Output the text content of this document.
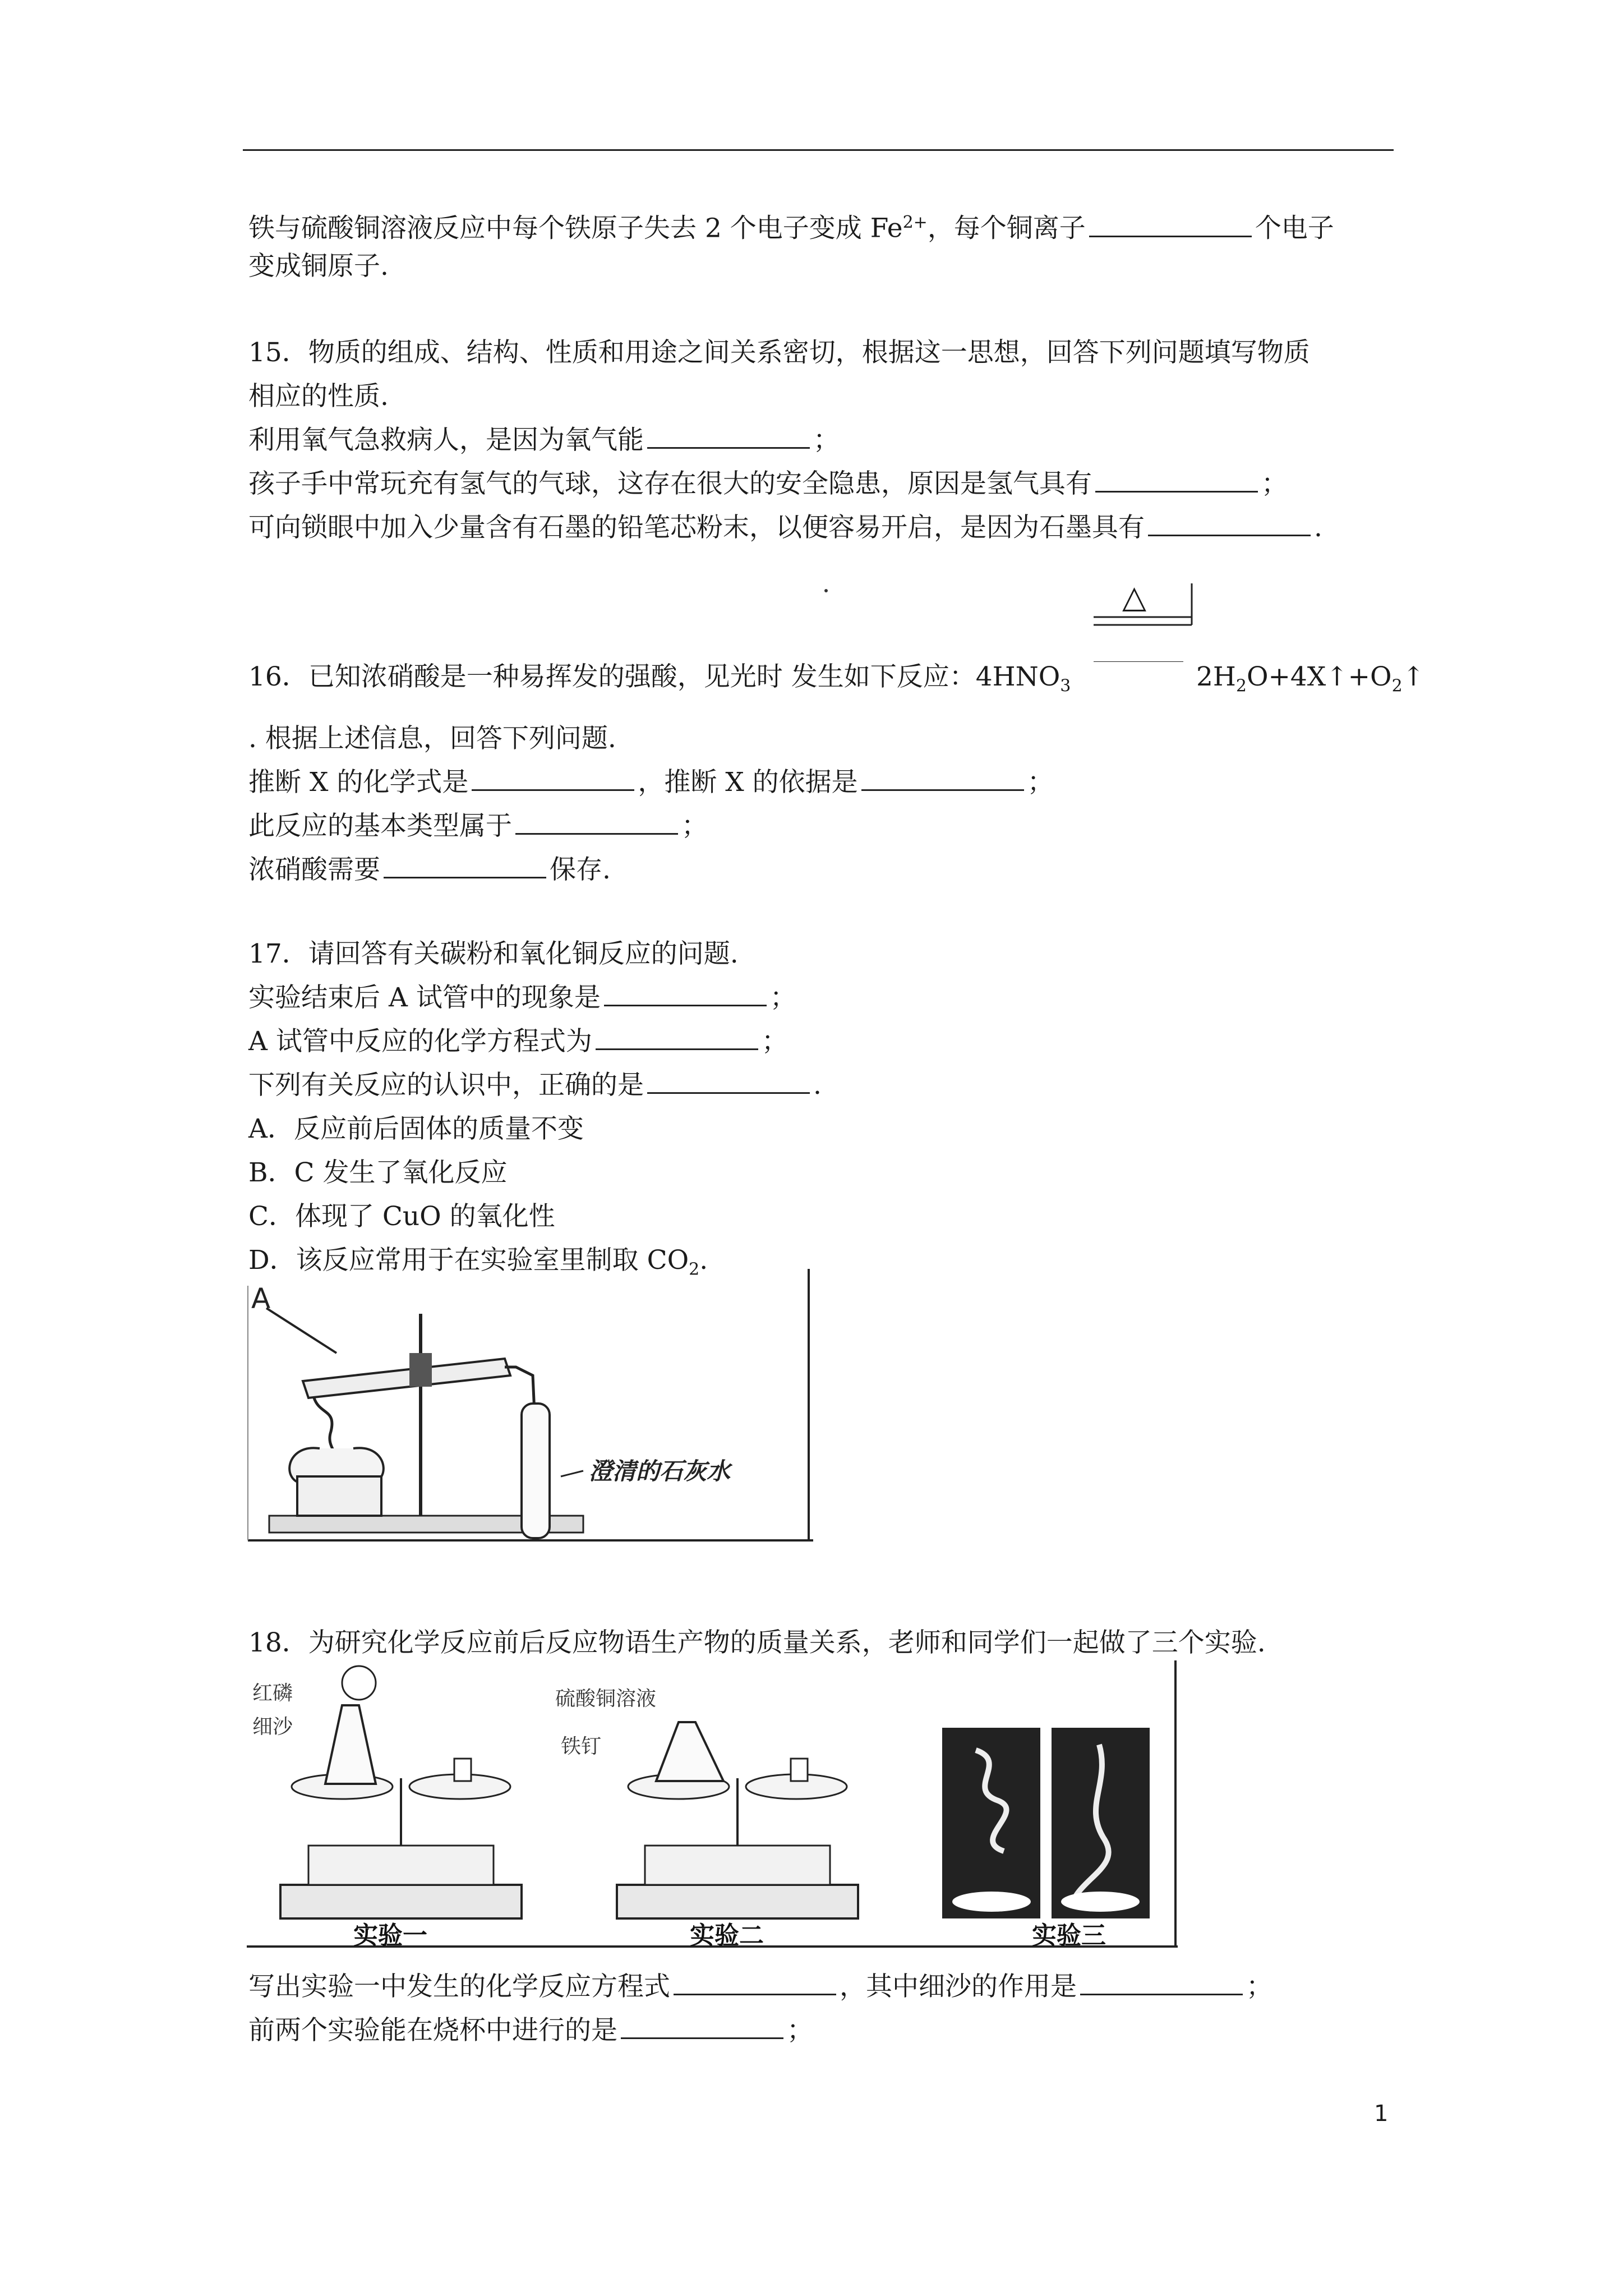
铁与硫酸铜溶液反应中每个铁原子失去 2 个电子变成 $Fe^{2+}$，每个铜离子	个电子

变成铜原子.

15．物质的组成、结构、性质和用途之间关系密切，根据这一思想，回答下列问题填写物质

相应的性质.

利用氧气急救病人，是因为氧气能	；

孩子手中常玩充有氢气的气球，这存在很大的安全隐患，原因是氢气具有	；

可向锁眼中加入少量含有石墨的铅笔芯粉末，以便容易开启，是因为石墨具有	.

△

16．已知浓硝酸是一种易挥发的强酸，见光时 发生如下反应：$4HNO_3$	$2H_2O+4X↑+O_2↑$

. 根据上述信息，回答下列问题.

推断 X 的化学式是	，推断 X 的依据是	；

此反应的基本类型属于	；

浓硝酸需要	保存.

17．请回答有关碳粉和氧化铜反应的问题.

实验结束后 A 试管中的现象是	；

A 试管中反应的化学方程式为	；

下列有关反应的认识中，正确的是	.

A．反应前后固体的质量不变

B．C 发生了氧化反应

C．体现了 CuO 的氧化性

D．该反应常用于在实验室里制取 $CO_2$.

A
澄清的石灰水

18．为研究化学反应前后反应物语生产物的质量关系，老师和同学们一起做了三个实验.

红磷
细沙
实验一
硫酸铜溶液
铁钉
实验二	实验三

写出实验一中发生的化学反应方程式	，其中细沙的作用是	；

前两个实验能在烧杯中进行的是	；

1
